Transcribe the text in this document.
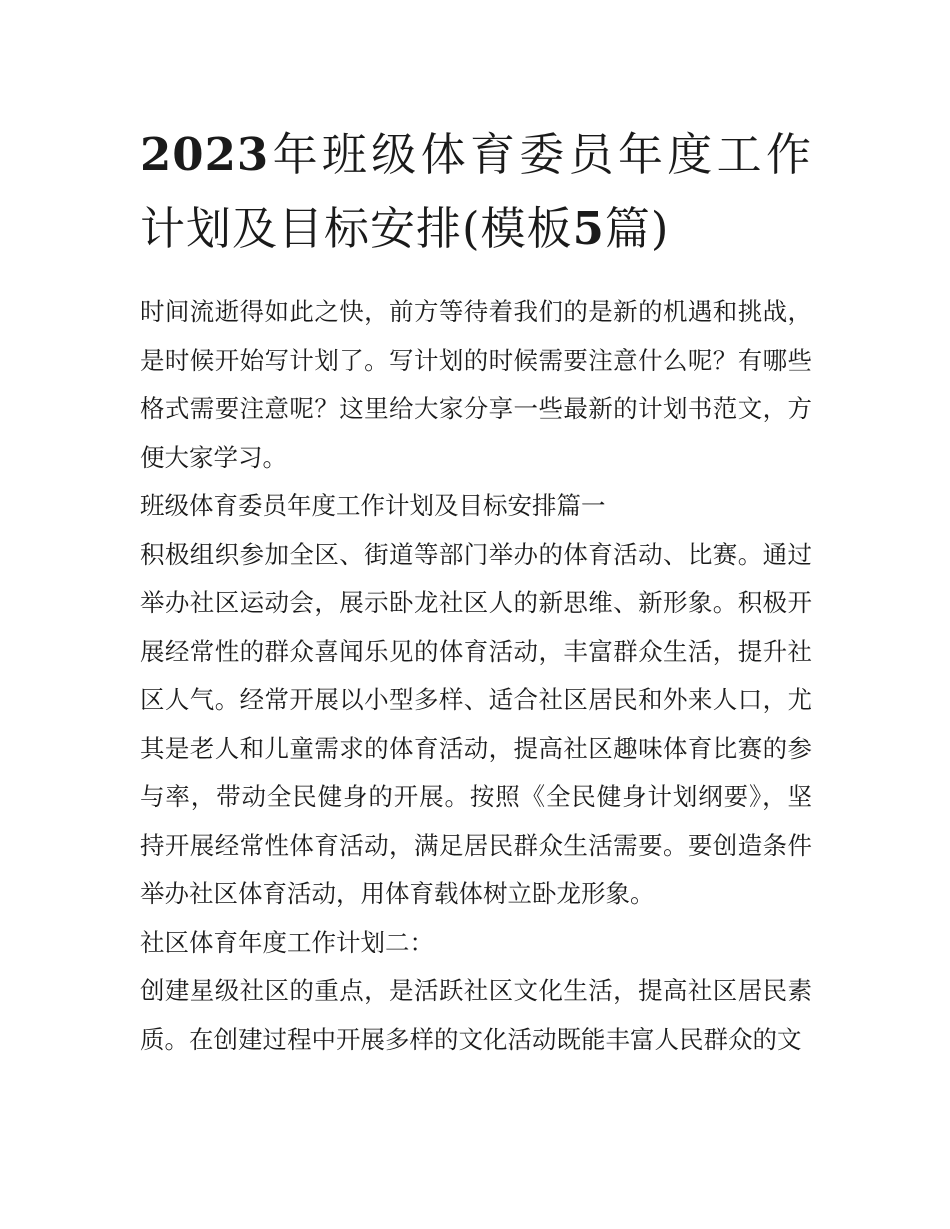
2023年班级体育委员年度工作计划及目标安排(模板5篇)

时间流逝得如此之快，前方等待着我们的是新的机遇和挑战，是时候开始写计划了。写计划的时候需要注意什么呢？有哪些格式需要注意呢？这里给大家分享一些最新的计划书范文，方便大家学习。

班级体育委员年度工作计划及目标安排篇一

积极组织参加全区、街道等部门举办的体育活动、比赛。通过举办社区运动会，展示卧龙社区人的新思维、新形象。积极开展经常性的群众喜闻乐见的体育活动，丰富群众生活，提升社区人气。经常开展以小型多样、适合社区居民和外来人口，尤其是老人和儿童需求的体育活动，提高社区趣味体育比赛的参与率，带动全民健身的开展。按照《全民健身计划纲要》，坚持开展经常性体育活动，满足居民群众生活需要。要创造条件举办社区体育活动，用体育载体树立卧龙形象。

社区体育年度工作计划二：

创建星级社区的重点，是活跃社区文化生活，提高社区居民素质。在创建过程中开展多样的文化活动既能丰富人民群众的文
